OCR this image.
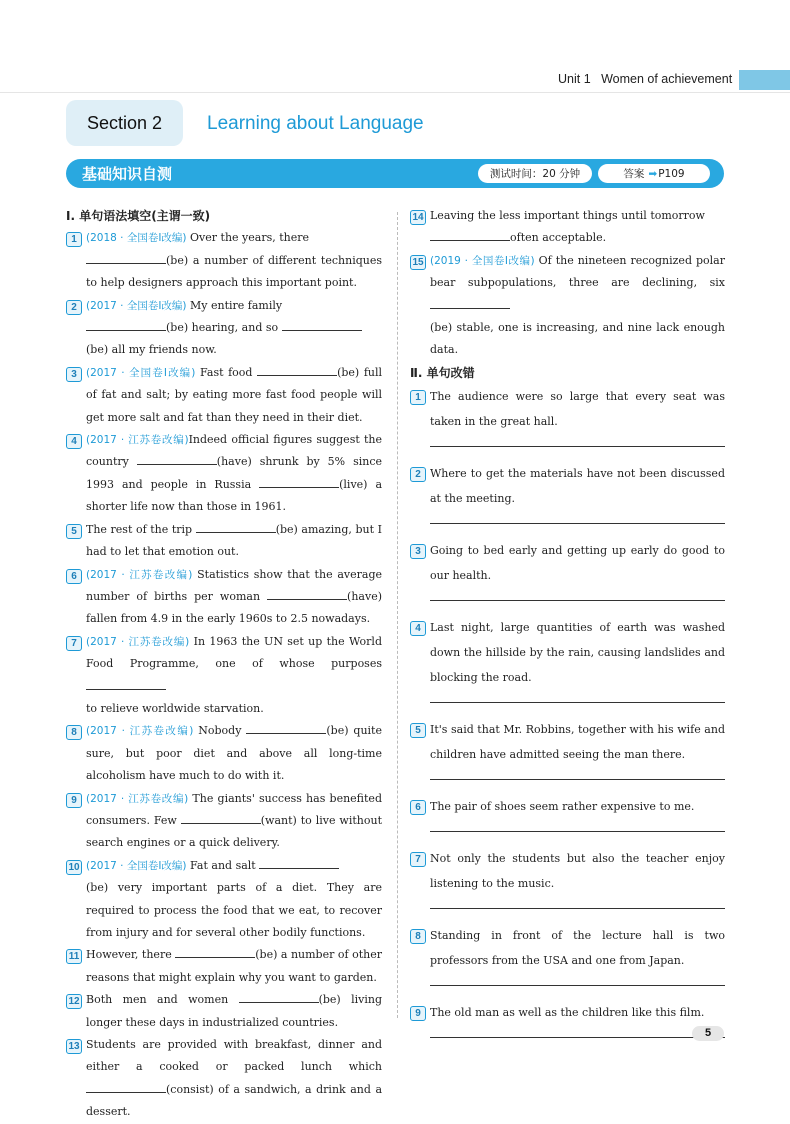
Unit 1 Women of achievement
Section 2	Learning about Language
基础知识自测	测试时间：20 分钟	答案 ➡ P109
Ⅰ. 单句语法填空(主谓一致)
1 (2018 · 全国卷Ⅰ改编) Over the years, there
(be) a number of different techniques to help designers approach this important point.
2 (2017 · 全国卷Ⅰ改编) My entire family
(be) hearing, and so
(be) all my friends now.
3 (2017 · 全国卷Ⅰ改编) Fast food	(be) full of fat and salt; by eating more fast food people will get more salt and fat than they need in their diet.
4 (2017 · 江苏卷改编)Indeed official figures suggest the country	(have) shrunk by 5% since 1993 and people in Russia	(live) a shorter life now than those in 1961.
5 The rest of the trip	(be) amazing, but I had to let that emotion out.
6 (2017 · 江苏卷改编) Statistics show that the average number of births per woman	(have) fallen from 4.9 in the early 1960s to 2.5 nowadays.
7 (2017 · 江苏卷改编) In 1963 the UN set up the World Food Programme, one of whose purposes
to relieve worldwide starvation.
8 (2017 · 江苏卷改编) Nobody	(be) quite sure, but poor diet and above all long-time alcoholism have much to do with it.
9 (2017 · 江苏卷改编) The giants' success has benefited consumers. Few	(want) to live without search engines or a quick delivery.
10 (2017 · 全国卷Ⅰ改编) Fat and salt
(be) very important parts of a diet. They are required to process the food that we eat, to recover from injury and for several other bodily functions.
11 However, there	(be) a number of other reasons that might explain why you want to garden.
12 Both men and women	(be) living longer these days in industrialized countries.
13 Students are provided with breakfast, dinner and either a cooked or packed lunch which (consist) of a sandwich, a drink and a dessert.
14 Leaving the less important things until tomorrow
often acceptable.
15 (2019 · 全国卷Ⅰ改编) Of the nineteen recognized polar bear subpopulations, three are declining, six
(be) stable, one is increasing, and nine lack enough data.
Ⅱ. 单句改错
1 The audience were so large that every seat was taken in the great hall.
2 Where to get the materials have not been discussed at the meeting.
3 Going to bed early and getting up early do good to our health.
4 Last night, large quantities of earth was washed down the hillside by the rain, causing landslides and blocking the road.
5 It's said that Mr. Robbins, together with his wife and children have admitted seeing the man there.
6 The pair of shoes seem rather expensive to me.
7 Not only the students but also the teacher enjoy listening to the music.
8 Standing in front of the lecture hall is two professors from the USA and one from Japan.
9 The old man as well as the children like this film.
5
